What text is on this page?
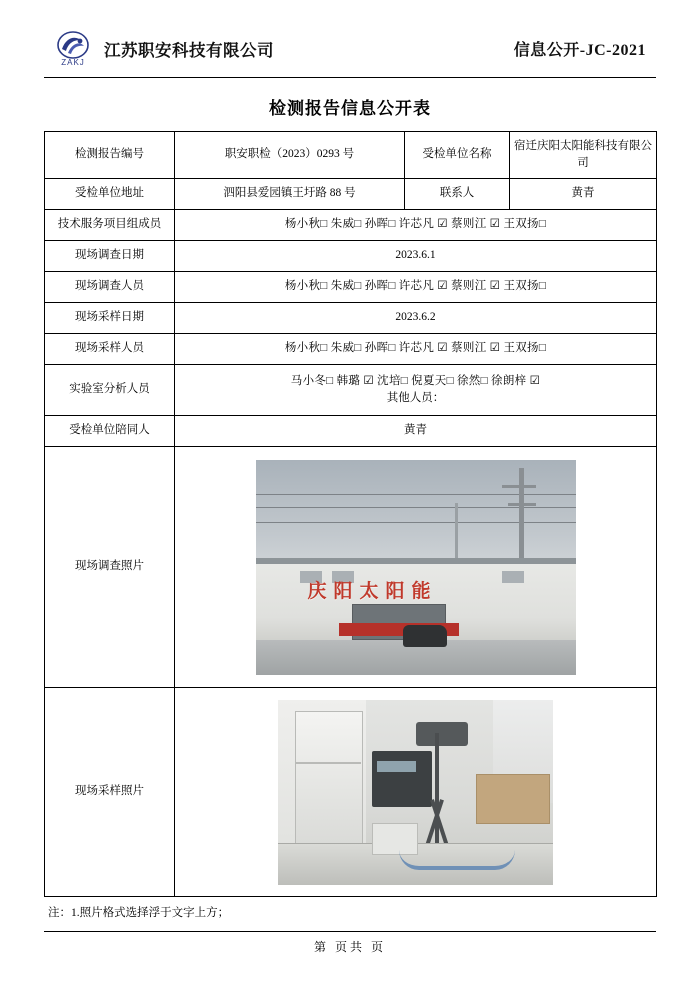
ZAKJ
江苏职安科技有限公司	信息公开-JC-2021
检测报告信息公开表
检测报告编号	职安职检（2023）0293 号	受检单位名称	宿迁庆阳太阳能科技有限公司
受检单位地址	泗阳县爱园镇王圩路 88 号	联系人	黄青
技术服务项目组成员	杨小秋□ 朱威□ 孙晖□ 许芯凡 ☑ 蔡则江 ☑ 王双扬□		
现场调查日期	2023.6.1		
现场调查人员	杨小秋□ 朱威□ 孙晖□ 许芯凡 ☑ 蔡则江 ☑ 王双扬□		
现场采样日期	2023.6.2		
现场采样人员	杨小秋□ 朱威□ 孙晖□ 许芯凡 ☑ 蔡则江 ☑ 王双扬□		
实验室分析人员	马小冬□ 韩璐 ☑ 沈培□ 倪夏天□ 徐然□ 徐朗梓 ☑
其他人员：		

受检单位陪同人	黄青		
现场调查照片	庆阳太阳能		

现场采样照片			
注：1.照片格式选择浮于文字上方；
第 页共 页
